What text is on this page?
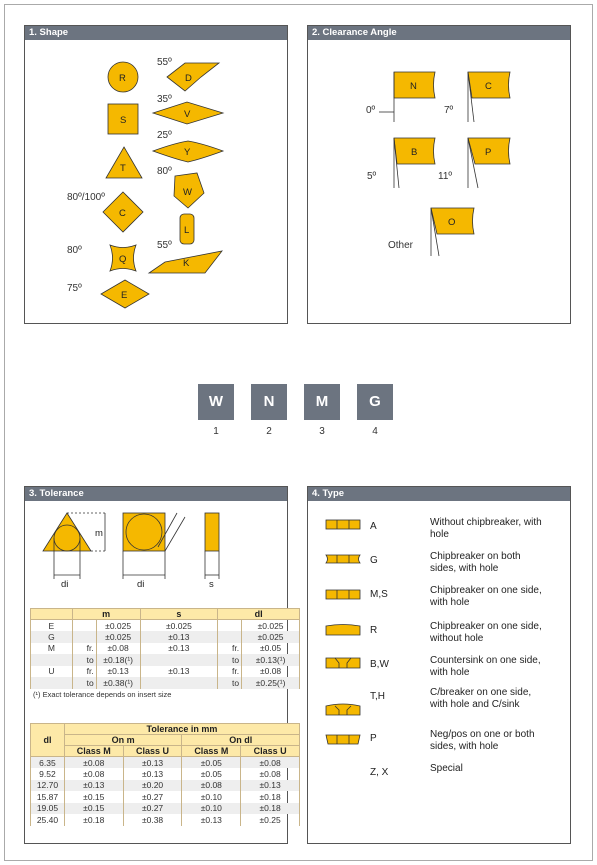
1. Shape
R
S
T
C
Q
E
D
V
Y
W
L
K
55º
35º
25º
80º
80º/100º
80º	55º
75º
2. Clearance Angle
N	C
B	P
O
0º	7º
5º	11º
Other
W	N	M	G
1	2	3	4
3. Tolerance
m
di	di	s
	m		s	dI	
E		±0.025	±0.025		±0.025
G		±0.025	±0.13		±0.025
M	fr.	±0.08	±0.13	fr.	±0.05
	to	±0.18(¹)		to	±0.13(¹)
U	fr.	±0.13	±0.13	fr.	±0.08
	to	±0.38(¹)		to	±0.25(¹)
(¹) Exact tolerance depends on insert size
dl	Tolerance in mm			
	On m		On dl	
	Class M	Class U	Class M	Class U
6.35	±0.08	±0.13	±0.05	±0.08
9.52	±0.08	±0.13	±0.05	±0.08
12.70	±0.13	±0.20	±0.08	±0.13
15.87	±0.15	±0.27	±0.10	±0.18
19.05	±0.15	±0.27	±0.10	±0.18
25.40	±0.18	±0.38	±0.13	±0.25
4. Type
A	Without chipbreaker, with hole
G	Chipbreaker on both sides, with hole
M,S	Chipbreaker on one side, with hole
R	Chipbreaker on one side, without hole
B,W	Countersink on one side, with hole
T,H	C/breaker on one side, with hole and C/sink
P	Neg/pos on one or both sides, with hole
Z, X	Special
